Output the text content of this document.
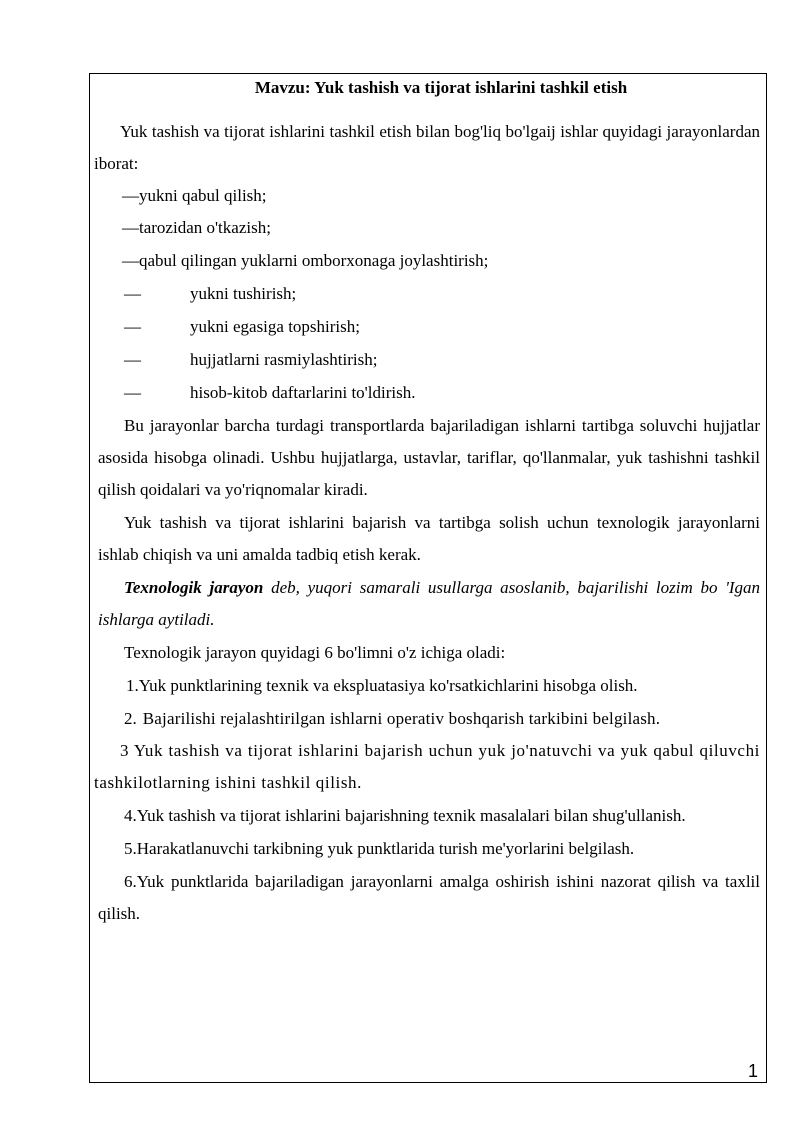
Mavzu: Yuk tashish va tijorat ishlarini tashkil etish

Yuk tashish va tijorat ishlarini tashkil etish bilan bog'liq bo'lgaij ishlar quyidagi jarayonlardan iborat:

—yukni qabul qilish;

—tarozidan o'tkazish;

—qabul qilingan yuklarni omborxonaga joylashtirish;

—	yukni tushirish;

—	yukni egasiga topshirish;

—	hujjatlarni rasmiylashtirish;

—	hisob-kitob daftarlarini to'ldirish.

Bu jarayonlar barcha turdagi transportlarda bajariladigan ishlarni tartibga soluvchi hujjatlar asosida hisobga olinadi. Ushbu hujjatlarga, ustavlar, tariflar, qo'llanmalar, yuk tashishni tashkil qilish qoidalari va yo'riqnomalar kiradi.

Yuk tashish va tijorat ishlarini bajarish va tartibga solish uchun texnologik jarayonlarni ishlab chiqish va uni amalda tadbiq etish kerak.

Texnologik jarayon deb, yuqori samarali usullarga asoslanib, bajarilishi lozim bo 'Igan ishlarga aytiladi.

Texnologik jarayon quyidagi 6 bo'limni o'z ichiga oladi:

1.Yuk punktlarining texnik va ekspluatasiya ko'rsatkichlarini hisobga olish.

2. Bajarilishi rejalashtirilgan ishlarni operativ boshqarish tarkibini belgilash.

3 Yuk tashish va tijorat ishlarini bajarish uchun yuk jo'natuvchi va yuk qabul qiluvchi tashkilotlarning ishini tashkil qilish.

4.Yuk tashish va tijorat ishlarini bajarishning texnik masalalari bilan shug'ullanish.

5.Harakatlanuvchi tarkibning yuk punktlarida turish me'yorlarini belgilash.

6.Yuk punktlarida bajariladigan jarayonlarni amalga oshirish ishini nazorat qilish va taxlil qilish.

1
